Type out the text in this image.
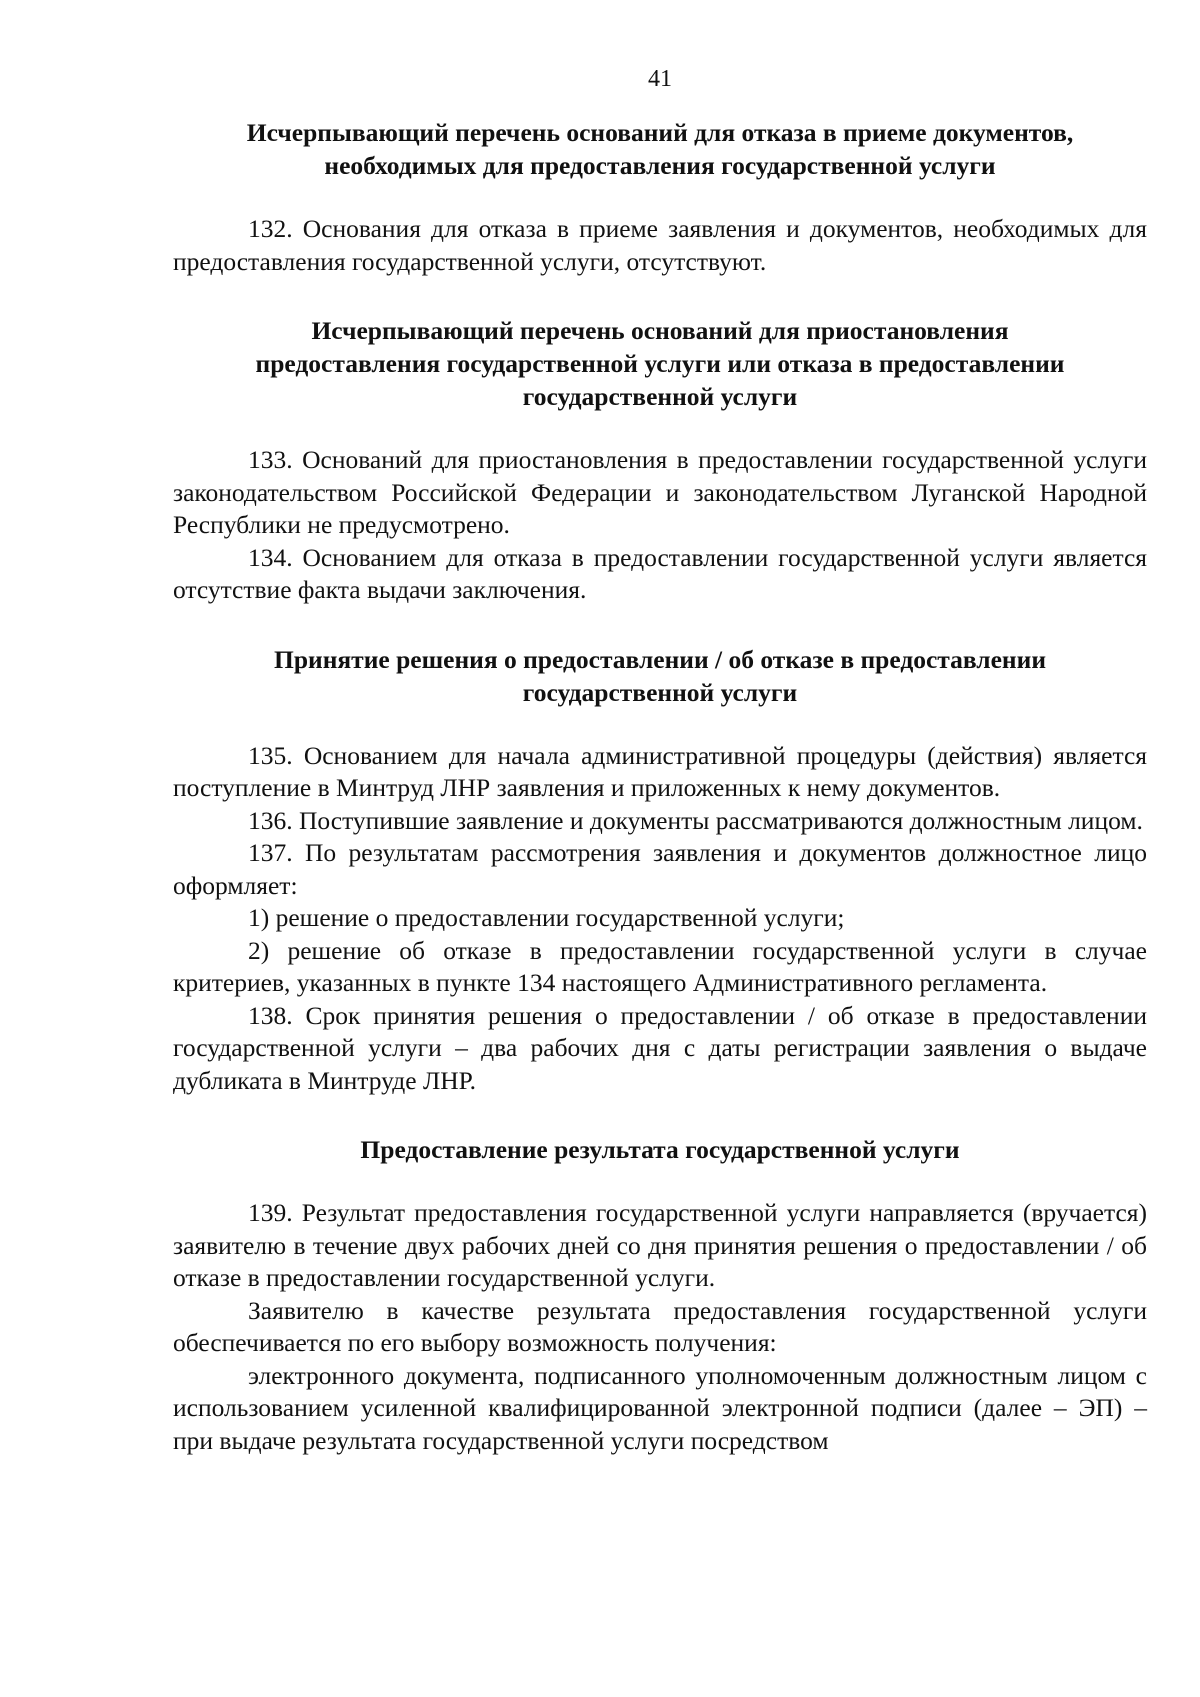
41
Исчерпывающий перечень оснований для отказа в приеме документов,
необходимых для предоставления государственной услуги

132. Основания для отказа в приеме заявления и документов, необходимых для предоставления государственной услуги, отсутствуют.

Исчерпывающий перечень оснований для приостановления
предоставления государственной услуги или отказа в предоставлении
государственной услуги

133. Оснований для приостановления в предоставлении государственной услуги законодательством Российской Федерации и законодательством Луганской Народной Республики не предусмотрено.

134. Основанием для отказа в предоставлении государственной услуги является отсутствие факта выдачи заключения.

Принятие решения о предоставлении / об отказе в предоставлении
государственной услуги

135. Основанием для начала административной процедуры (действия) является поступление в Минтруд ЛНР заявления и приложенных к нему документов.

136. Поступившие заявление и документы рассматриваются должностным лицом.

137. По результатам рассмотрения заявления и документов должностное лицо оформляет:

1) решение о предоставлении государственной услуги;

2) решение об отказе в предоставлении государственной услуги в случае критериев, указанных в пункте 134 настоящего Административного регламента.

138. Срок принятия решения о предоставлении / об отказе в предоставлении государственной услуги – два рабочих дня с даты регистрации заявления о выдаче дубликата в Минтруде ЛНР.

Предоставление результата государственной услуги

139. Результат предоставления государственной услуги направляется (вручается) заявителю в течение двух рабочих дней со дня принятия решения о предоставлении / об отказе в предоставлении государственной услуги.

Заявителю в качестве результата предоставления государственной услуги обеспечивается по его выбору возможность получения:

электронного документа, подписанного уполномоченным должностным лицом с использованием усиленной квалифицированной электронной подписи (далее – ЭП) – при выдаче результата государственной услуги посредством
